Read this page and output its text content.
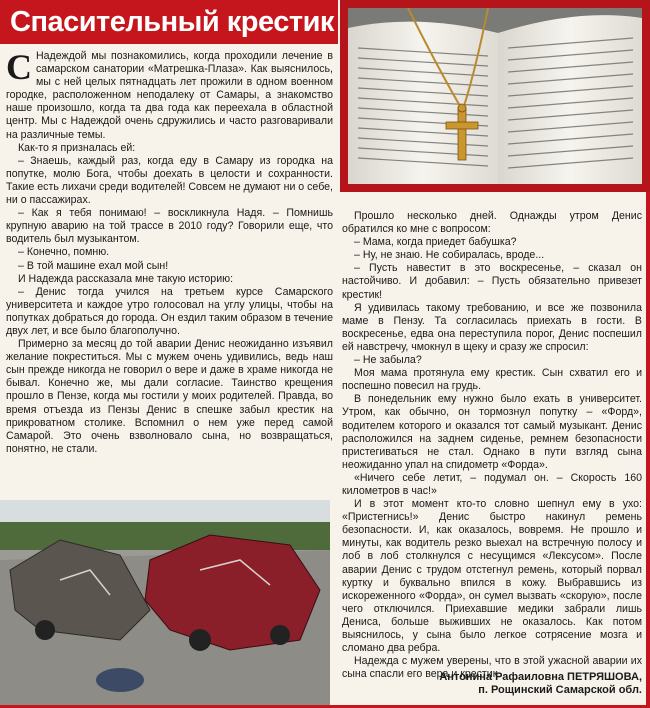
Спасительный крестик

С Надеждой мы познакомились, когда проходили лечение в самарском санатории «Матрешка-Плаза». Как выяснилось, мы с ней целых пятнадцать лет прожили в одном военном городке, расположенном неподалеку от Самары, а знакомство наше произошло, когда та два года как переехала в областной центр. Мы с Надеждой очень сдружились и часто разговаривали на различные темы.

Как-то я призналась ей:

– Знаешь, каждый раз, когда еду в Самару из городка на попутке, молю Бога, чтобы доехать в целости и сохранности. Такие есть лихачи среди водителей! Совсем не думают ни о себе, ни о пассажирах.

– Как я тебя понимаю! – воскликнула Надя. – Помнишь крупную аварию на той трассе в 2010 году? Говорили еще, что водитель был музыкантом.

– Конечно, помню.

– В той машине ехал мой сын!

И Надежда рассказала мне такую историю:

– Денис тогда учился на третьем курсе Самарского университета и каждое утро голосовал на углу улицы, чтобы на попутках добраться до города. Он ездил таким образом в течение двух лет, и все было благополучно.

Примерно за месяц до той аварии Денис неожиданно изъявил желание покреститься. Мы с мужем очень удивились, ведь наш сын прежде никогда не говорил о вере и даже в храме никогда не бывал. Конечно же, мы дали согласие. Таинство крещения прошло в Пензе, когда мы гостили у моих родителей. Правда, во время отъезда из Пензы Денис в спешке забыл крестик на прикроватном столике. Вспомнил о нем уже перед самой Самарой. Это очень взволновало сына, но возвращаться, понятно, не стали.

Прошло несколько дней. Однажды утром Денис обратился ко мне с вопросом:

– Мама, когда приедет бабушка?

– Ну, не знаю. Не собиралась, вроде...

– Пусть навестит в это воскресенье, – сказал он настойчиво. И добавил: – Пусть обязательно привезет крестик!

Я удивилась такому требованию, и все же позвонила маме в Пензу. Та согласилась приехать в гости. В воскресенье, едва она переступила порог, Денис поспешил ей навстречу, чмокнул в щеку и сразу же спросил:

– Не забыла?

Моя мама протянула ему крестик. Сын схватил его и поспешно повесил на грудь.

В понедельник ему нужно было ехать в университет. Утром, как обычно, он тормознул попутку – «Форд», водителем которого и оказался тот самый музыкант. Денис расположился на заднем сиденье, ремнем безопасности пристегиваться не стал. Однако в пути взгляд сына неожиданно упал на спидометр «Форда».

«Ничего себе летит, – подумал он. – Скорость 160 километров в час!»

И в этот момент кто-то словно шепнул ему в ухо: «Пристегнись!» Денис быстро накинул ремень безопасности. И, как оказалось, вовремя. Не прошло и минуты, как водитель резко выехал на встречную полосу и лоб в лоб столкнулся с несущимся «Лексусом». После аварии Денис с трудом отстегнул ремень, который порвал куртку и буквально впился в кожу. Выбравшись из искореженного «Форда», он сумел вызвать «скорую», после чего отключился. Приехавшие медики забрали лишь Дениса, больше выживших не оказалось. Как потом выяснилось, у сына было легкое сотрясение мозга и сломано два ребра.

Надежда с мужем уверены, что в этой ужасной аварии их сына спасли его вера и крестик.

Антонина Рафаиловна ПЕТРЯШОВА,
п. Рощинский Самарской обл.
